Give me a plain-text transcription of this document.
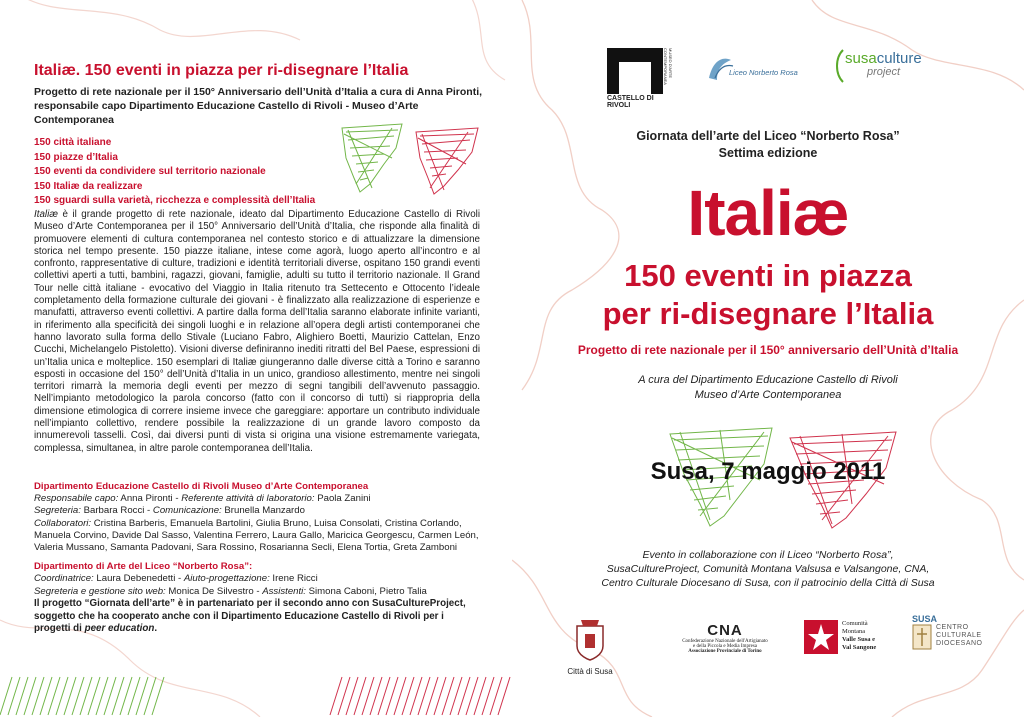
Italiæ. 150 eventi in piazza per ri-disegnare l’Italia
Progetto di rete nazionale per il 150° Anniversario dell’Unità d’Italia a cura di Anna Pironti, responsabile capo Dipartimento Educazione Castello di Rivoli - Museo d’Arte Contemporanea
150 città italiane
150 piazze d’Italia
150 eventi da condividere sul territorio nazionale
150 Italiæ da realizzare
150 sguardi sulla varietà, ricchezza e complessità dell’Italia
Italiæ è il grande progetto di rete nazionale, ideato dal Dipartimento Educazione Castello di Rivoli Museo d’Arte Contemporanea per il 150° Anniversario dell’Unità d’Italia, che risponde alla finalità di promuovere elementi di cultura contemporanea nel contesto storico e di attualizzare la dimensione storica nel tempo presente. 150 piazze italiane, intese come agorà, luogo aperto all’incontro e al confronto, rappresentative di culture, tradizioni e identità territoriali diverse, ospitano 150 grandi eventi collettivi aperti a tutti, bambini, ragazzi, giovani, famiglie, adulti su tutto il territorio nazionale. Il Grand Tour nelle città italiane - evocativo del Viaggio in Italia ritenuto tra Settecento e Ottocento l’ideale completamento della formazione culturale dei giovani - è finalizzato alla realizzazione di esperienze e manufatti, attraverso eventi collettivi. A partire dalla forma dell’Italia saranno elaborate infinite varianti, in riferimento alla specificità dei singoli luoghi e in relazione all’opera degli artisti contemporanei che hanno lavorato sulla forma dello Stivale (Luciano Fabro, Alighiero Boetti, Maurizio Cattelan, Enzo Cucchi, Michelangelo Pistoletto). Visioni diverse definiranno inediti ritratti del Bel Paese, espressioni di un’Italia unica e molteplice. 150 esemplari di Italiæ giungeranno dalle diverse città a Torino e saranno esposti in occasione del 150° dell’Unità d’Italia in un unico, grandioso allestimento, mentre nei singoli territori rimarrà la memoria degli eventi per mezzo di segni tangibili dell’avvenuto passaggio. Nell’impianto metodologico la parola concorso (fatto con il concorso di tutti) si riappropria della dimensione etimologica di correre insieme invece che gareggiare: apportare un contributo individuale nell’impianto collettivo, rendere possibile la realizzazione di un grande lavoro composto da innumerevoli tasselli. Così, dai diversi punti di vista si origina una visione estremamente variegata, complessa, simultanea, in altre parole contemporanea dell’Italia.
Dipartimento Educazione Castello di Rivoli Museo d’Arte Contemporanea
Responsabile capo: Anna Pironti - Referente attività di laboratorio: Paola Zanini
Segreteria: Barbara Rocci - Comunicazione: Brunella Manzardo
Collaboratori: Cristina Barberis, Emanuela Bartolini, Giulia Bruno, Luisa Consolati, Cristina Corlando, Manuela Corvino, Davide Dal Sasso, Valentina Ferrero, Laura Gallo, Maricica Georgescu, Carmen León, Valeria Mussano, Samanta Padovani, Sara Rossino, Rosarianna Secli, Elena Tortia, Greta Zamboni
Dipartimento di Arte del Liceo “Norberto Rosa”:
Coordinatrice: Laura Debenedetti - Aiuto-progettazione: Irene Ricci
Segreteria e gestione sito web: Monica De Silvestro - Assistenti: Simona Caboni, Pietro Talia
Il progetto “Giornata dell’arte” è in partenariato per il secondo anno con SusaCultureProject, soggetto che ha cooperato anche con il Dipartimento Educazione Castello di Rivoli per i progetti di peer education.
CASTELLO DI RIVOLI
MUSEO D'ARTE CONTEMPORANEA	Liceo Norberto Rosa
susaculture
project
Giornata dell’arte del Liceo “Norberto Rosa”
Settima edizione
Italiæ
150 eventi in piazza
per ri-disegnare l’Italia
Progetto di rete nazionale per il 150° anniversario dell’Unità d’Italia
A cura del Dipartimento Educazione Castello di Rivoli
Museo d’Arte Contemporanea
Susa, 7 maggio 2011
Evento in collaborazione con il Liceo “Norberto Rosa”,
SusaCultureProject, Comunità Montana Valsusa e Valsangone, CNA,
Centro Culturale Diocesano di Susa, con il patrocinio della Città di Susa
Città di Susa
CNA
Confederazione Nazionale dell'Artigianato
e della Piccola e Media Impresa
Associazione Provinciale di Torino
Comunità
Montana
Valle Susa e
Val Sangone
SUSA
CENTRO
CULTURALE
DIOCESANO
